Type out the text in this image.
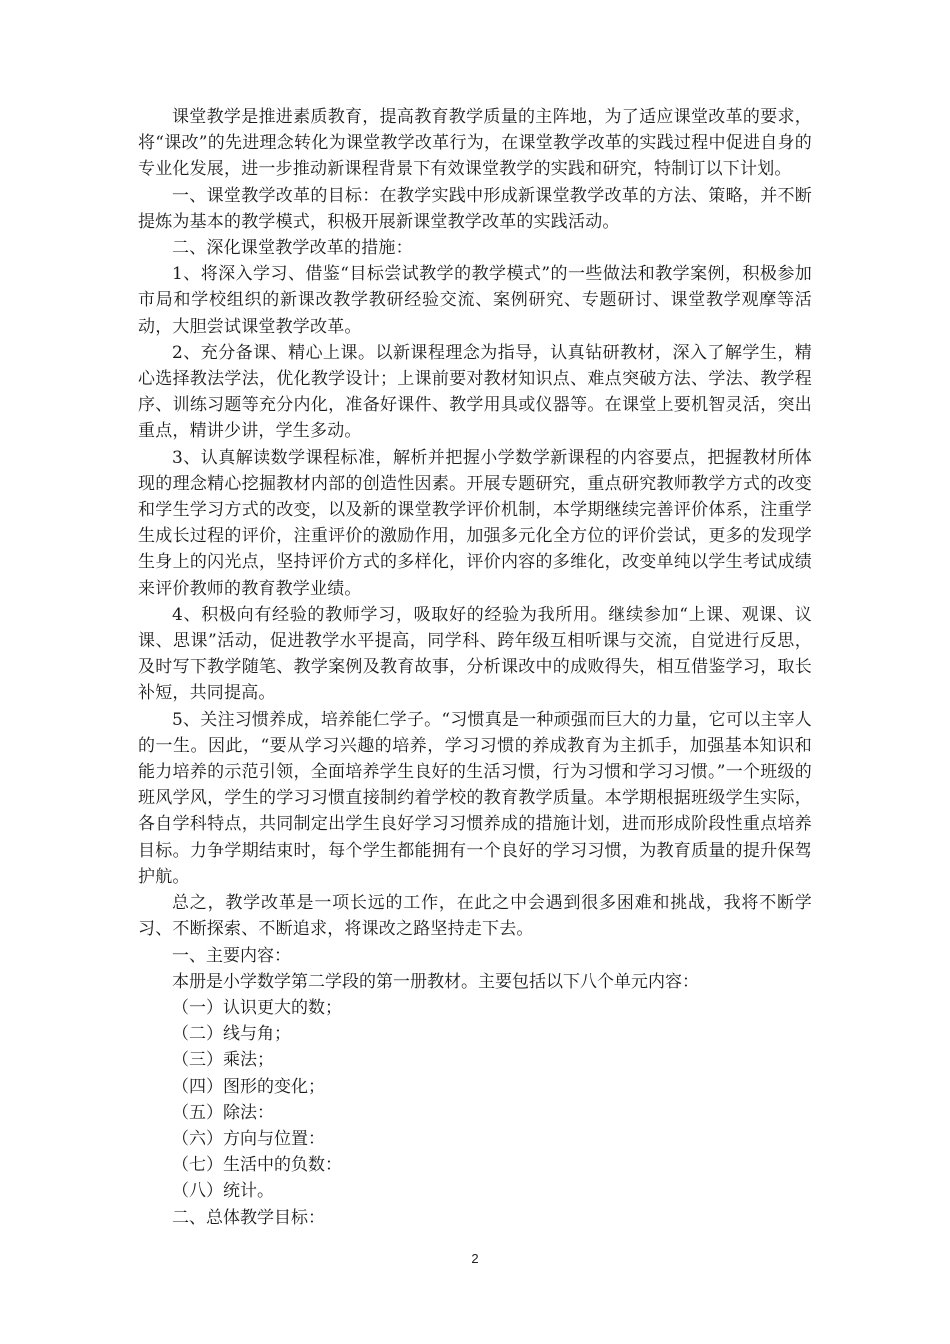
课堂教学是推进素质教育，提高教育教学质量的主阵地，为了适应课堂改革的要求，将“课改”的先进理念转化为课堂教学改革行为，在课堂教学改革的实践过程中促进自身的专业化发展，进一步推动新课程背景下有效课堂教学的实践和研究，特制订以下计划。

一、课堂教学改革的目标：在教学实践中形成新课堂教学改革的方法、策略，并不断提炼为基本的教学模式，积极开展新课堂教学改革的实践活动。

二、深化课堂教学改革的措施：

1、将深入学习、借鉴“目标尝试教学的教学模式”的一些做法和教学案例，积极参加市局和学校组织的新课改教学教研经验交流、案例研究、专题研讨、课堂教学观摩等活动，大胆尝试课堂教学改革。

2、充分备课、精心上课。以新课程理念为指导，认真钻研教材，深入了解学生，精心选择教法学法，优化教学设计；上课前要对教材知识点、难点突破方法、学法、教学程序、训练习题等充分内化，准备好课件、教学用具或仪器等。在课堂上要机智灵活，突出重点，精讲少讲，学生多动。

3、认真解读数学课程标准，解析并把握小学数学新课程的内容要点，把握教材所体现的理念精心挖掘教材内部的创造性因素。开展专题研究，重点研究教师教学方式的改变和学生学习方式的改变，以及新的课堂教学评价机制，本学期继续完善评价体系，注重学生成长过程的评价，注重评价的激励作用，加强多元化全方位的评价尝试，更多的发现学生身上的闪光点，坚持评价方式的多样化，评价内容的多维化，改变单纯以学生考试成绩来评价教师的教育教学业绩。

4、积极向有经验的教师学习，吸取好的经验为我所用。继续参加“上课、观课、议课、思课”活动，促进教学水平提高，同学科、跨年级互相听课与交流，自觉进行反思，及时写下教学随笔、教学案例及教育故事，分析课改中的成败得失，相互借鉴学习，取长补短，共同提高。

5、关注习惯养成，培养能仁学子。“习惯真是一种顽强而巨大的力量，它可以主宰人的一生。因此，“要从学习兴趣的培养，学习习惯的养成教育为主抓手，加强基本知识和能力培养的示范引领，全面培养学生良好的生活习惯，行为习惯和学习习惯。”一个班级的班风学风，学生的学习习惯直接制约着学校的教育教学质量。本学期根据班级学生实际，各自学科特点，共同制定出学生良好学习习惯养成的措施计划，进而形成阶段性重点培养目标。力争学期结束时，每个学生都能拥有一个良好的学习习惯，为教育质量的提升保驾护航。

总之，教学改革是一项长远的工作，在此之中会遇到很多困难和挑战，我将不断学习、不断探索、不断追求，将课改之路坚持走下去。

一、主要内容：

本册是小学数学第二学段的第一册教材。主要包括以下八个单元内容：

（一）认识更大的数；

（二）线与角；

（三）乘法；

（四）图形的变化；

（五）除法：

（六）方向与位置：

（七）生活中的负数：

（八）统计。

二、总体教学目标：

2
